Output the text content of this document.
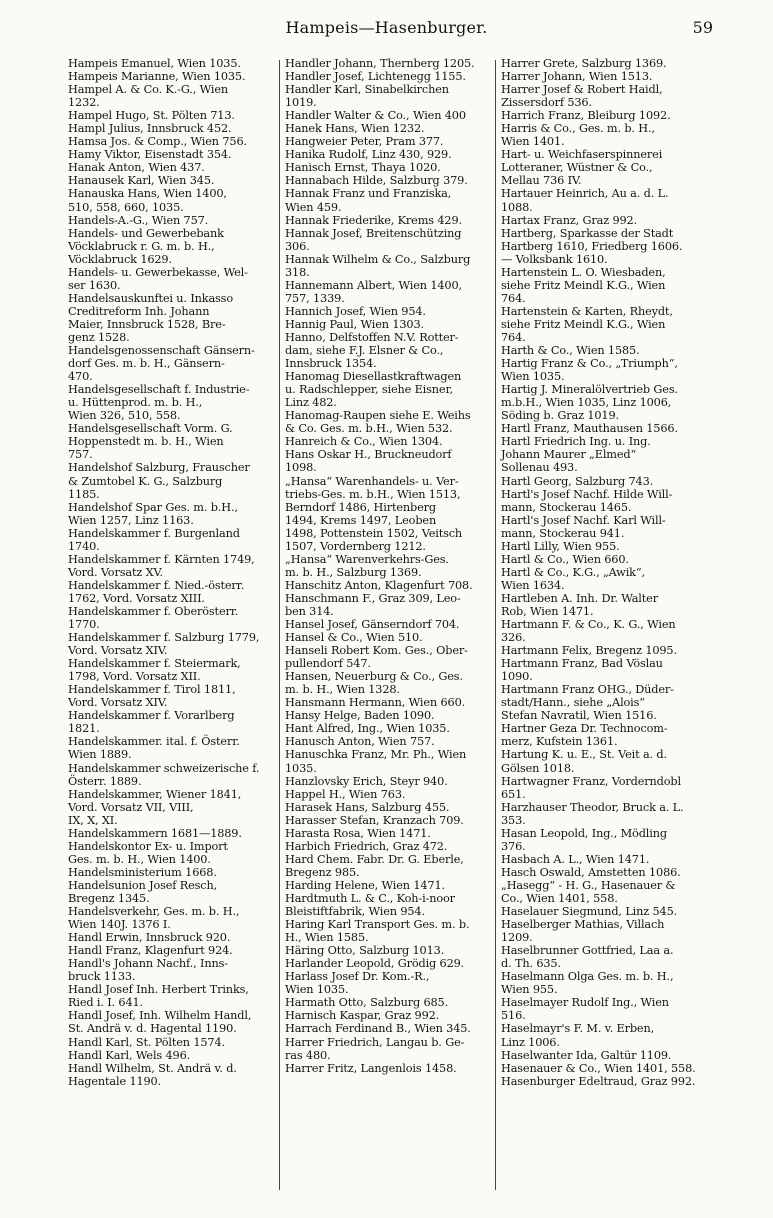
Hampeis—Hasenburger.	59

Hampeis Emanuel, Wien 1035.

Hampeis Marianne, Wien 1035.

Hampel A. & Co. K.-G., Wien
1232.

Hampel Hugo, St. Pölten 713.

Hampl Julius, Innsbruck 452.

Hamsa Jos. & Comp., Wien 756.

Hamy Viktor, Eisenstadt 354.

Hanak Anton, Wien 437.

Hanausek Karl, Wien 345.

Hanauska Hans, Wien 1400,
510, 558, 660, 1035.

Handels-A.-G., Wien 757.

Handels- und Gewerbebank
Vöcklabruck r. G. m. b. H.,
Vöcklabruck 1629.

Handels- u. Gewerbekasse, Wel-
ser 1630.

Handelsauskunftei u. Inkasso
Creditreform Inh. Johann
Maier, Innsbruck 1528, Bre-
genz 1528.

Handelsgenossenschaft Gänsern-
dorf Ges. m. b. H., Gänsern-
470.

Handelsgesellschaft f. Industrie-
u. Hüttenprod. m. b. H.,
Wien 326, 510, 558.

Handelsgesellschaft Vorm. G.
Hoppenstedt m. b. H., Wien
757.

Handelshof Salzburg, Frauscher
& Zumtobel K. G., Salzburg
1185.

Handelshof Spar Ges. m. b.H.,
Wien 1257, Linz 1163.

Handelskammer f. Burgenland
1740.

Handelskammer f. Kärnten 1749,
Vord. Vorsatz XV.

Handelskammer f. Nied.-österr.
1762, Vord. Vorsatz XIII.

Handelskammer f. Oberösterr.
1770.

Handelskammer f. Salzburg 1779,
Vord. Vorsatz XIV.

Handelskammer f. Steiermark,
1798, Vord. Vorsatz XII.

Handelskammer f. Tirol 1811,
Vord. Vorsatz XIV.

Handelskammer f. Vorarlberg
1821.

Handelskammer. ital. f. Österr.
Wien 1889.

Handelskammer schweizerische f.
Österr. 1889.

Handelskammer, Wiener 1841,
Vord. Vorsatz VII, VIII,
IX, X, XI.

Handelskammern 1681—1889.

Handelskontor Ex- u. Import
Ges. m. b. H., Wien 1400.

Handelsministerium 1668.

Handelsunion Josef Resch,
Bregenz 1345.

Handelsverkehr, Ges. m. b. H.,
Wien 140J. 1376 I.

Handl Erwin, Innsbruck 920.

Handl Franz, Klagenfurt 924.

Handl's Johann Nachf., Inns-
bruck 1133.

Handl Josef Inh. Herbert Trinks,
Ried i. I. 641.

Handl Josef, Inh. Wilhelm Handl,
St. Andrä v. d. Hagental 1190.

Handl Karl, St. Pölten 1574.

Handl Karl, Wels 496.

Handl Wilhelm, St. Andrä v. d.
Hagentale 1190.

Handler Johann, Thernberg 1205.

Handler Josef, Lichtenegg 1155.

Handler Karl, Sinabelkirchen
1019.

Handler Walter & Co., Wien 400

Hanek Hans, Wien 1232.

Hangweier Peter, Pram 377.

Hanika Rudolf, Linz 430, 929.

Hanisch Ernst, Thaya 1020.

Hannabach Hilde, Salzburg 379.

Hannak Franz und Franziska,
Wien 459.

Hannak Friederike, Krems 429.

Hannak Josef, Breitenschützing
306.

Hannak Wilhelm & Co., Salzburg
318.

Hannemann Albert, Wien 1400,
757, 1339.

Hannich Josef, Wien 954.

Hannig Paul, Wien 1303.

Hanno, Delfstoffen N.V. Rotter-
dam, siehe F.J. Elsner & Co.,
Innsbruck 1354.

Hanomag Diesellastkraftwagen
u. Radschlepper, siehe Eisner,
Linz 482.

Hanomag-Raupen siehe E. Weihs
& Co. Ges. m. b.H., Wien 532.

Hanreich & Co., Wien 1304.

Hans Oskar H., Bruckneudorf
1098.

„Hansa“ Warenhandels- u. Ver-
triebs-Ges. m. b.H., Wien 1513,
Berndorf 1486, Hirtenberg
1494, Krems 1497, Leoben
1498, Pottenstein 1502, Veitsch
1507, Vordernberg 1212.

„Hansa“ Warenverkehrs-Ges.
m. b. H., Salzburg 1369.

Hanschitz Anton, Klagenfurt 708.

Hanschmann F., Graz 309, Leo-
ben 314.

Hansel Josef, Gänserndorf 704.

Hansel & Co., Wien 510.

Hanseli Robert Kom. Ges., Ober-
pullendorf 547.

Hansen, Neuerburg & Co., Ges.
m. b. H., Wien 1328.

Hansmann Hermann, Wien 660.

Hansy Helge, Baden 1090.

Hant Alfred, Ing., Wien 1035.

Hanusch Anton, Wien 757.

Hanuschka Franz, Mr. Ph., Wien
1035.

Hanzlovsky Erich, Steyr 940.

Happel H., Wien 763.

Harasek Hans, Salzburg 455.

Harasser Stefan, Kranzach 709.

Harasta Rosa, Wien 1471.

Harbich Friedrich, Graz 472.

Hard Chem. Fabr. Dr. G. Eberle,
Bregenz 985.

Harding Helene, Wien 1471.

Hardtmuth L. & C., Koh-i-noor
Bleistiftfabrik, Wien 954.

Haring Karl Transport Ges. m. b.
H., Wien 1585.

Häring Otto, Salzburg 1013.

Harlander Leopold, Grödig 629.

Harlass Josef Dr. Kom.-R.,
Wien 1035.

Harmath Otto, Salzburg 685.

Harnisch Kaspar, Graz 992.

Harrach Ferdinand B., Wien 345.

Harrer Friedrich, Langau b. Ge-
ras 480.

Harrer Fritz, Langenlois 1458.

Harrer Grete, Salzburg 1369.

Harrer Johann, Wien 1513.

Harrer Josef & Robert Haidl,
Zissersdorf 536.

Harrich Franz, Bleiburg 1092.

Harris & Co., Ges. m. b. H.,
Wien 1401.

Hart- u. Weichfaserspinnerei
Lotteraner, Wüstner & Co.,
Mellau 736 IV.

Hartauer Heinrich, Au a. d. L.
1088.

Hartax Franz, Graz 992.

Hartberg, Sparkasse der Stadt
Hartberg 1610, Friedberg 1606.

— Volksbank 1610.

Hartenstein L. O. Wiesbaden,
siehe Fritz Meindl K.G., Wien
764.

Hartenstein & Karten, Rheydt,
siehe Fritz Meindl K.G., Wien
764.

Harth & Co., Wien 1585.

Hartig Franz & Co., „Triumph“,
Wien 1035.

Hartig J. Mineralölvertrieb Ges.
m.b.H., Wien 1035, Linz 1006,
Söding b. Graz 1019.

Hartl Franz, Mauthausen 1566.

Hartl Friedrich Ing. u. Ing.
Johann Maurer „Elmed“
Sollenau 493.

Hartl Georg, Salzburg 743.

Hartl's Josef Nachf. Hilde Will-
mann, Stockerau 1465.

Hartl's Josef Nachf. Karl Will-
mann, Stockerau 941.

Hartl Lilly, Wien 955.

Hartl & Co., Wien 660.

Hartl & Co., K.G., „Awik“,
Wien 1634.

Hartleben A. Inh. Dr. Walter
Rob, Wien 1471.

Hartmann F. & Co., K. G., Wien
326.

Hartmann Felix, Bregenz 1095.

Hartmann Franz, Bad Vöslau
1090.

Hartmann Franz OHG., Düder-
stadt/Hann., siehe „Alois“
Stefan Navratil, Wien 1516.

Hartner Geza Dr. Technocom-
merz, Kufstein 1361.

Hartung K. u. E., St. Veit a. d.
Gölsen 1018.

Hartwagner Franz, Vorderndobl
651.

Harzhauser Theodor, Bruck a. L.
353.

Hasan Leopold, Ing., Mödling
376.

Hasbach A. L., Wien 1471.

Hasch Oswald, Amstetten 1086.

„Hasegg“ - H. G., Hasenauer &
Co., Wien 1401, 558.

Haselauer Siegmund, Linz 545.

Haselberger Mathias, Villach
1209.

Haselbrunner Gottfried, Laa a.
d. Th. 635.

Haselmann Olga Ges. m. b. H.,
Wien 955.

Haselmayer Rudolf Ing., Wien
516.

Haselmayr's F. M. v. Erben,
Linz 1006.

Haselwanter Ida, Galtür 1109.

Hasenauer & Co., Wien 1401, 558.

Hasenburger Edeltraud, Graz 992.
